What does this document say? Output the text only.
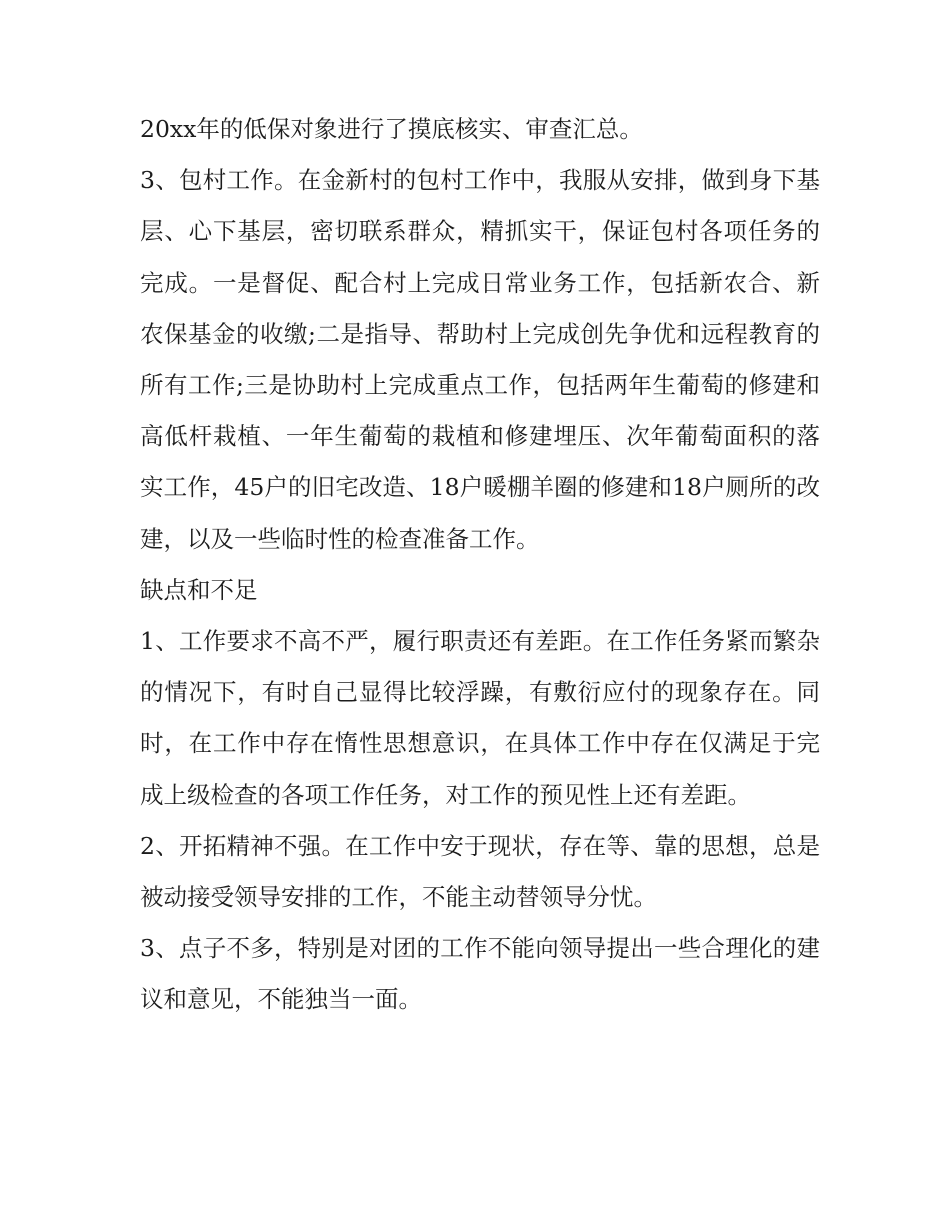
20xx年的低保对象进行了摸底核实、审查汇总。

3、包村工作。在金新村的包村工作中，我服从安排，做到身下基层、心下基层，密切联系群众，精抓实干，保证包村各项任务的完成。一是督促、配合村上完成日常业务工作，包括新农合、新农保基金的收缴;二是指导、帮助村上完成创先争优和远程教育的所有工作;三是协助村上完成重点工作，包括两年生葡萄的修建和高低杆栽植、一年生葡萄的栽植和修建埋压、次年葡萄面积的落实工作，45户的旧宅改造、18户暖棚羊圈的修建和18户厕所的改建，以及一些临时性的检查准备工作。

缺点和不足

1、工作要求不高不严，履行职责还有差距。在工作任务紧而繁杂的情况下，有时自己显得比较浮躁，有敷衍应付的现象存在。同时，在工作中存在惰性思想意识，在具体工作中存在仅满足于完成上级检查的各项工作任务，对工作的预见性上还有差距。

2、开拓精神不强。在工作中安于现状，存在等、靠的思想，总是被动接受领导安排的工作，不能主动替领导分忧。

3、点子不多，特别是对团的工作不能向领导提出一些合理化的建议和意见，不能独当一面。
